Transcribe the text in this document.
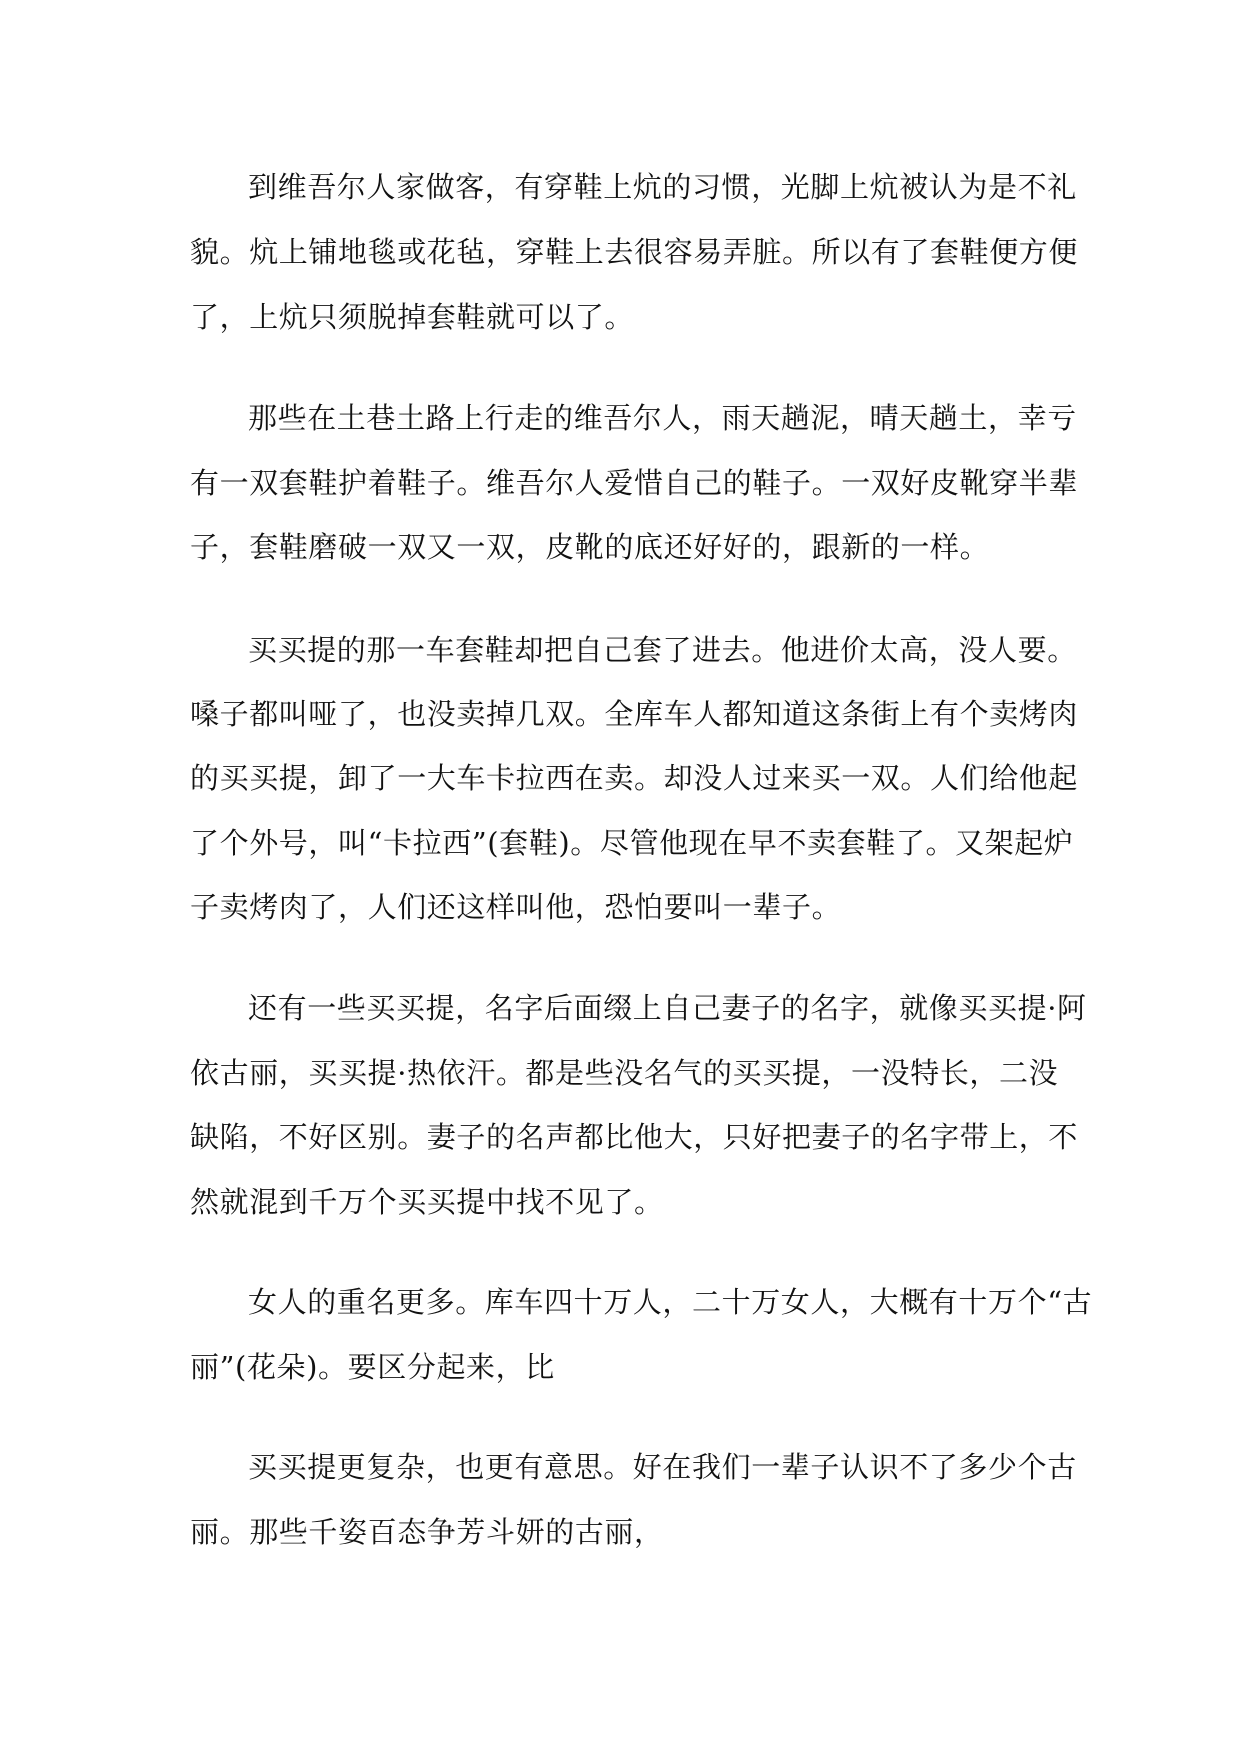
到维吾尔人家做客，有穿鞋上炕的习惯，光脚上炕被认为是不礼
貌。炕上铺地毯或花毡，穿鞋上去很容易弄脏。所以有了套鞋便方便
了，上炕只须脱掉套鞋就可以了。
那些在土巷土路上行走的维吾尔人，雨天趟泥，晴天趟土，幸亏
有一双套鞋护着鞋子。维吾尔人爱惜自己的鞋子。一双好皮靴穿半辈
子，套鞋磨破一双又一双，皮靴的底还好好的，跟新的一样。
买买提的那一车套鞋却把自己套了进去。他进价太高，没人要。
嗓子都叫哑了，也没卖掉几双。全库车人都知道这条街上有个卖烤肉
的买买提，卸了一大车卡拉西在卖。却没人过来买一双。人们给他起
了个外号，叫“卡拉西”(套鞋)。尽管他现在早不卖套鞋了。又架起炉
子卖烤肉了，人们还这样叫他，恐怕要叫一辈子。
还有一些买买提，名字后面缀上自己妻子的名字，就像买买提·阿
依古丽，买买提·热依汗。都是些没名气的买买提，一没特长，二没
缺陷，不好区别。妻子的名声都比他大，只好把妻子的名字带上，不
然就混到千万个买买提中找不见了。
女人的重名更多。库车四十万人，二十万女人，大概有十万个“古
丽”(花朵)。要区分起来，比
买买提更复杂，也更有意思。好在我们一辈子认识不了多少个古
丽。那些千姿百态争芳斗妍的古丽，
